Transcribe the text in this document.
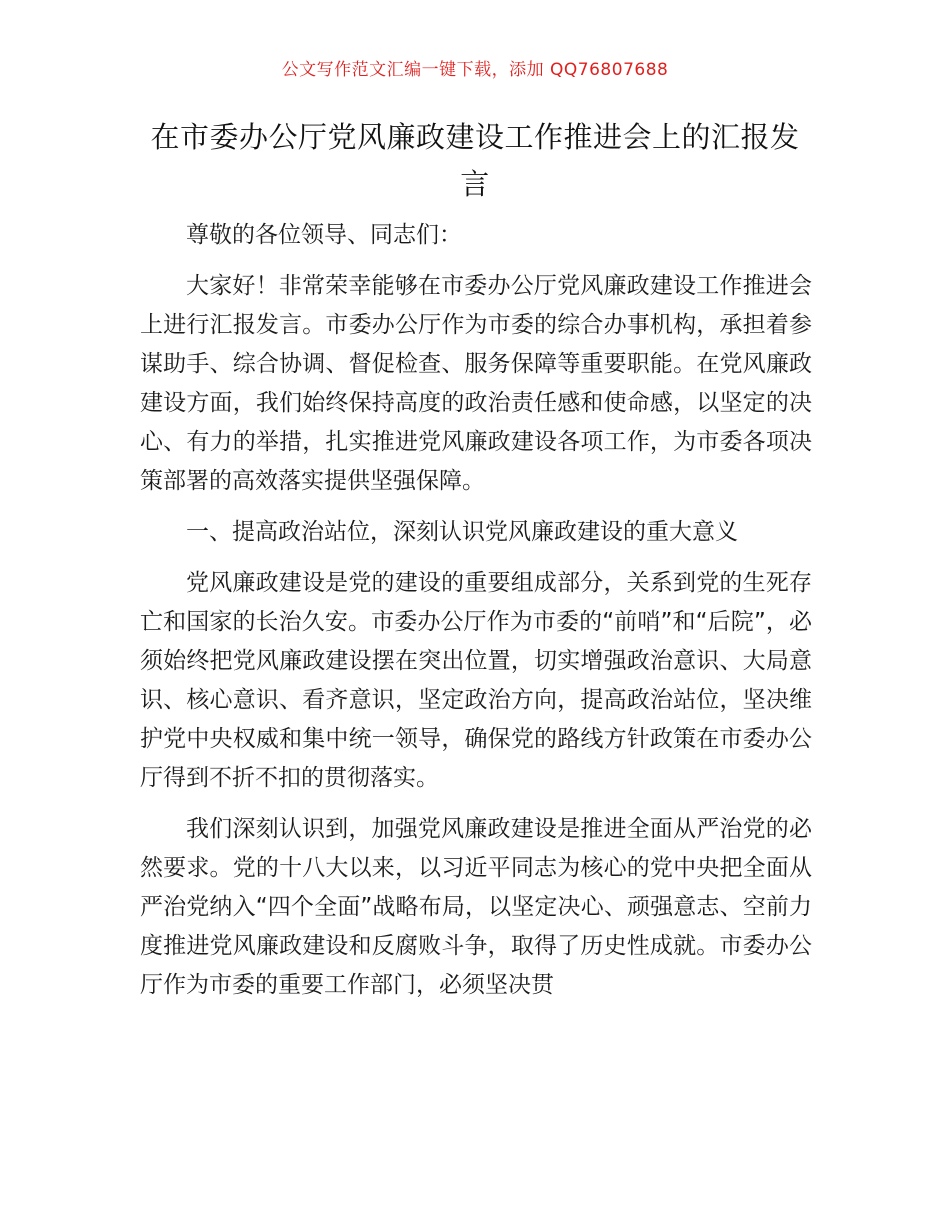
公文写作范文汇编一键下载，添加 QQ76807688
在市委办公厅党风廉政建设工作推进会上的汇报发言

尊敬的各位领导、同志们：

大家好！非常荣幸能够在市委办公厅党风廉政建设工作推进会上进行汇报发言。市委办公厅作为市委的综合办事机构，承担着参谋助手、综合协调、督促检查、服务保障等重要职能。在党风廉政建设方面，我们始终保持高度的政治责任感和使命感，以坚定的决心、有力的举措，扎实推进党风廉政建设各项工作，为市委各项决策部署的高效落实提供坚强保障。

一、提高政治站位，深刻认识党风廉政建设的重大意义

党风廉政建设是党的建设的重要组成部分，关系到党的生死存亡和国家的长治久安。市委办公厅作为市委的“前哨”和“后院”，必须始终把党风廉政建设摆在突出位置，切实增强政治意识、大局意识、核心意识、看齐意识，坚定政治方向，提高政治站位，坚决维护党中央权威和集中统一领导，确保党的路线方针政策在市委办公厅得到不折不扣的贯彻落实。

我们深刻认识到，加强党风廉政建设是推进全面从严治党的必然要求。党的十八大以来，以习近平同志为核心的党中央把全面从严治党纳入“四个全面”战略布局，以坚定决心、顽强意志、空前力度推进党风廉政建设和反腐败斗争，取得了历史性成就。市委办公厅作为市委的重要工作部门，必须坚决贯
